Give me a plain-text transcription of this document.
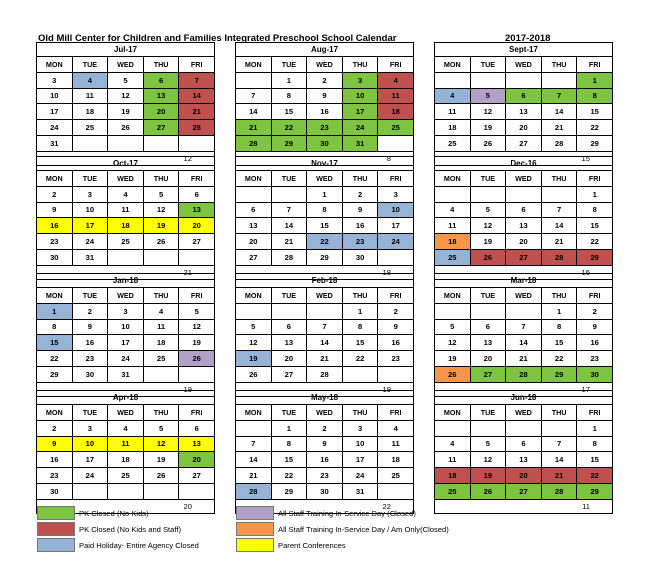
Old Mill Center for Children and Families Integrated Preschool School Calendar	2017-2018
Jul-17				
MON	TUE	WED	THU	FRI
3	4	5	6	7
10	11	12	13	14
17	18	19	20	21
24	25	26	27	28
31				
12				
Aug-17				
MON	TUE	WED	THU	FRI
	1	2	3	4
7	8	9	10	11
14	15	16	17	18
21	22	23	24	25
28	29	30	31	
8				
Sept-17				
MON	TUE	WED	THU	FRI
				1
4	5	6	7	8
11	12	13	14	15
18	19	20	21	22
25	26	27	28	29
15				
Oct-17				
MON	TUE	WED	THU	FRI
2	3	4	5	6
9	10	11	12	13
16	17	18	19	20
23	24	25	26	27
30	31			
21				
Nov-17				
MON	TUE	WED	THU	FRI
		1	2	3
6	7	8	9	10
13	14	15	16	17
20	21	22	23	24
27	28	29	30	
18				
Dec-16				
MON	TUE	WED	THU	FRI
				1
4	5	6	7	8
11	12	13	14	15
18	19	20	21	22
25	26	27	28	29
16				
Jan-18				
MON	TUE	WED	THU	FRI
1	2	3	4	5
8	9	10	11	12
15	16	17	18	19
22	23	24	25	26
29	30	31		
19				
Feb-18				
MON	TUE	WED	THU	FRI
			1	2
5	6	7	8	9
12	13	14	15	16
19	20	21	22	23
26	27	28		
19				
Mar-18				
MON	TUE	WED	THU	FRI
			1	2
5	6	7	8	9
12	13	14	15	16
19	20	21	22	23
26	27	28	29	30
17				
Apr-18				
MON	TUE	WED	THU	FRI
2	3	4	5	6
9	10	11	12	13
16	17	18	19	20
23	24	25	26	27
30				
20				
May-18				
MON	TUE	WED	THU	FRI
	1	2	3	4
7	8	9	10	11
14	15	16	17	18
21	22	23	24	25
28	29	30	31	
22				
Jun-18				
MON	TUE	WED	THU	FRI
				1
4	5	6	7	8
11	12	13	14	15
18	19	20	21	22
25	26	27	28	29
11				
PK Closed (No Kids)	All Staff Training In-Service Day (Closed)
PK Closed (No Kids and Staff)	All Staff Training In-Service Day / Am Only(Closed)
Paid Holiday- Entire Agency Closed	Parent Conferences
